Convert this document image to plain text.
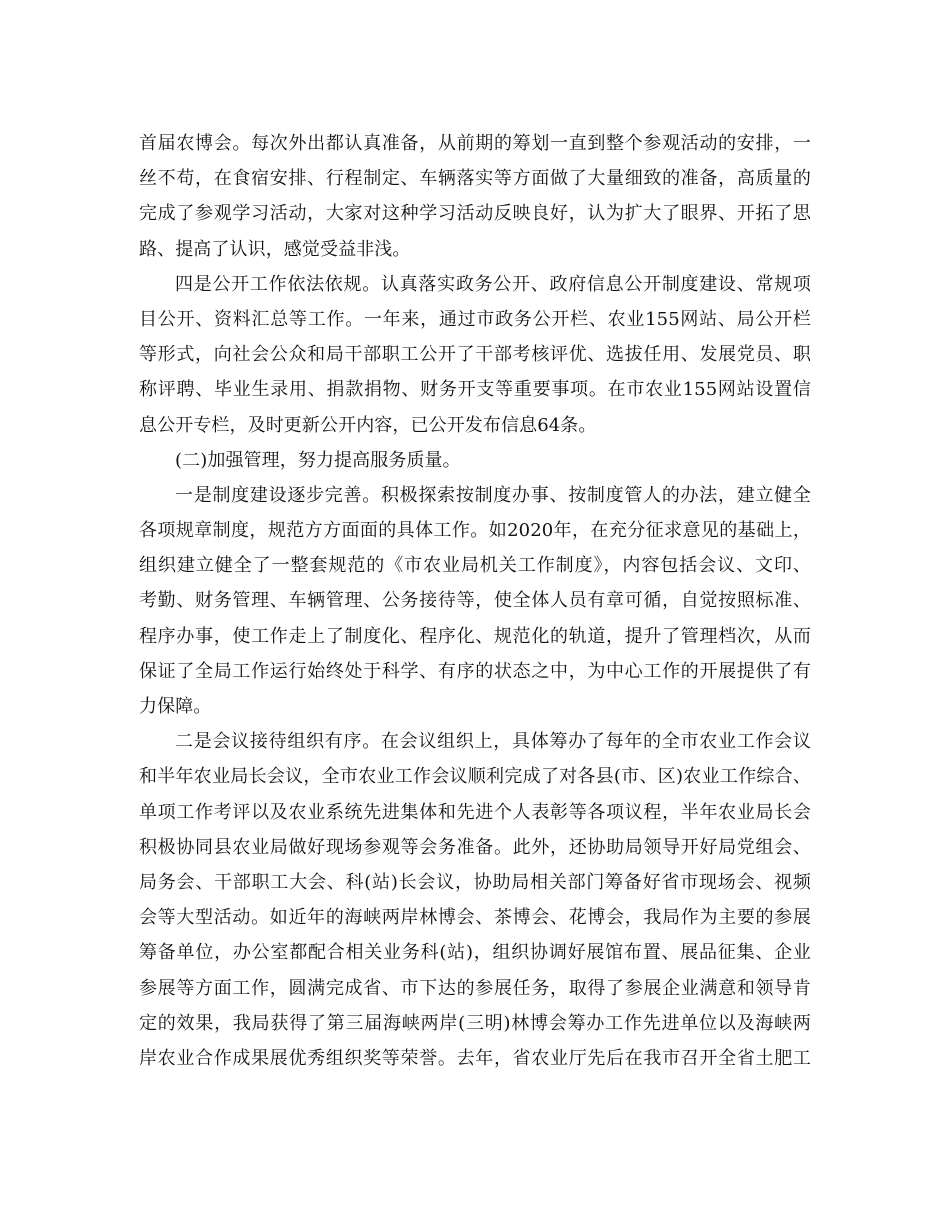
首届农博会。每次外出都认真准备，从前期的筹划一直到整个参观活动的安排，一
丝不苟，在食宿安排、行程制定、车辆落实等方面做了大量细致的准备，高质量的
完成了参观学习活动，大家对这种学习活动反映良好，认为扩大了眼界、开拓了思
路、提高了认识，感觉受益非浅。
四是公开工作依法依规。认真落实政务公开、政府信息公开制度建设、常规项
目公开、资料汇总等工作。一年来，通过市政务公开栏、农业155网站、局公开栏
等形式，向社会公众和局干部职工公开了干部考核评优、选拔任用、发展党员、职
称评聘、毕业生录用、捐款捐物、财务开支等重要事项。在市农业155网站设置信
息公开专栏，及时更新公开内容，已公开发布信息64条。
(二)加强管理，努力提高服务质量。
一是制度建设逐步完善。积极探索按制度办事、按制度管人的办法，建立健全
各项规章制度，规范方方面面的具体工作。如2020年，在充分征求意见的基础上，
组织建立健全了一整套规范的《市农业局机关工作制度》，内容包括会议、文印、
考勤、财务管理、车辆管理、公务接待等，使全体人员有章可循，自觉按照标准、
程序办事，使工作走上了制度化、程序化、规范化的轨道，提升了管理档次，从而
保证了全局工作运行始终处于科学、有序的状态之中，为中心工作的开展提供了有
力保障。
二是会议接待组织有序。在会议组织上，具体筹办了每年的全市农业工作会议
和半年农业局长会议，全市农业工作会议顺利完成了对各县(市、区)农业工作综合、
单项工作考评以及农业系统先进集体和先进个人表彰等各项议程，半年农业局长会
积极协同县农业局做好现场参观等会务准备。此外，还协助局领导开好局党组会、
局务会、干部职工大会、科(站)长会议，协助局相关部门筹备好省市现场会、视频
会等大型活动。如近年的海峡两岸林博会、茶博会、花博会，我局作为主要的参展
筹备单位，办公室都配合相关业务科(站)，组织协调好展馆布置、展品征集、企业
参展等方面工作，圆满完成省、市下达的参展任务，取得了参展企业满意和领导肯
定的效果，我局获得了第三届海峡两岸(三明)林博会筹办工作先进单位以及海峡两
岸农业合作成果展优秀组织奖等荣誉。去年，省农业厅先后在我市召开全省土肥工
